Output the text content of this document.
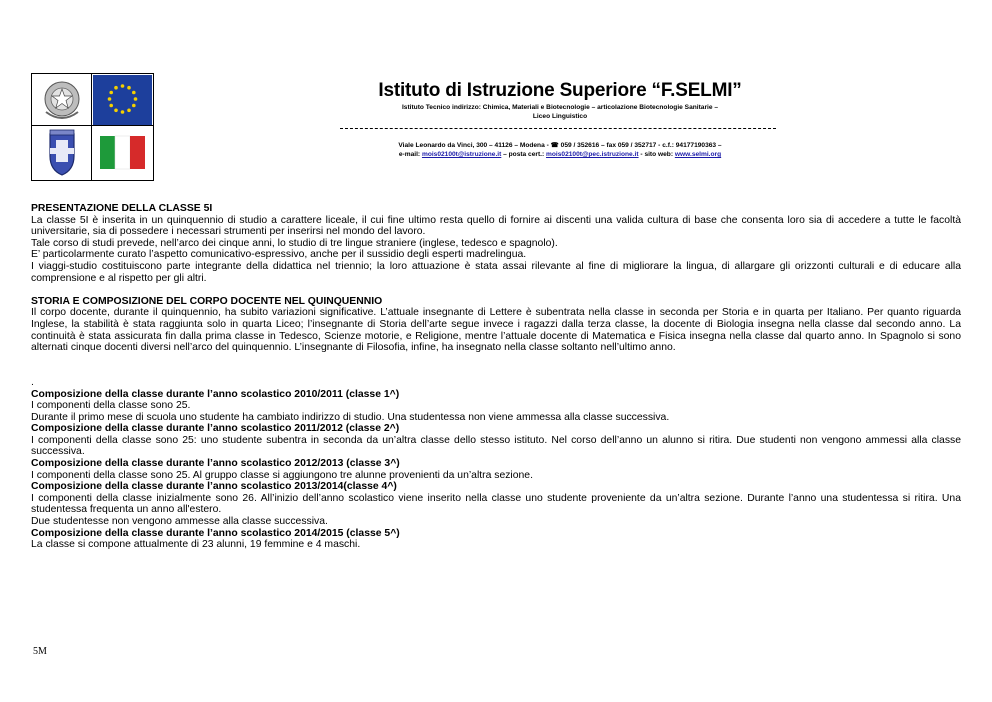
Istituto di Istruzione Superiore “F.SELMI”
Istituto Tecnico indirizzo: Chimica, Materiali e Biotecnologie – articolazione Biotecnologie Sanitarie –
Liceo Linguistico
Viale Leonardo da Vinci, 300 – 41126 – Modena - ☎ 059 / 352616 – fax 059 / 352717 - c.f.: 94177190363 –
e-mail: mois02100t@istruzione.it – posta cert.: mois02100t@pec.istruzione.it - sito web: www.selmi.org
PRESENTAZIONE DELLA CLASSE 5I

La classe 5I è inserita in un quinquennio di studio a carattere liceale, il cui fine ultimo resta quello di fornire ai discenti una valida cultura di base che consenta loro sia di accedere a tutte le facoltà universitarie, sia di possedere i necessari strumenti per inserirsi nel mondo del lavoro.

Tale corso di studi prevede, nell’arco dei cinque anni, lo studio di tre lingue straniere (inglese, tedesco e spagnolo).

E’ particolarmente curato l’aspetto comunicativo-espressivo, anche per il sussidio degli esperti madrelingua.

I viaggi-studio costituiscono parte integrante della didattica nel triennio; la loro attuazione è stata assai rilevante al fine di migliorare la lingua, di allargare gli orizzonti culturali e di educare alla comprensione e al rispetto per gli altri.

STORIA E COMPOSIZIONE DEL CORPO DOCENTE NEL QUINQUENNIO

Il corpo docente, durante il quinquennio, ha subito variazioni significative. L’attuale insegnante di Lettere è subentrata nella classe in seconda per Storia e in quarta per Italiano. Per quanto riguarda Inglese, la stabilità è stata raggiunta solo in quarta Liceo; l’insegnante di Storia dell’arte segue invece i ragazzi dalla terza classe, la docente di Biologia insegna nella classe dal secondo anno. La continuità è stata assicurata fin dalla prima classe in Tedesco, Scienze motorie, e Religione, mentre l’attuale docente di Matematica e Fisica insegna nella classe dal quarto anno. In Spagnolo si sono alternati cinque docenti diversi nell’arco del quinquennio. L’insegnante di Filosofia, infine, ha insegnato nella classe soltanto nell’ultimo anno.

.

Composizione della classe durante l’anno scolastico 2010/2011 (classe 1^)

I componenti della classe sono 25.

Durante il primo mese di scuola uno studente ha cambiato indirizzo di studio. Una studentessa non viene ammessa alla classe successiva.

Composizione della classe durante l’anno scolastico 2011/2012 (classe 2^)

I componenti della classe sono 25: uno studente subentra in seconda da un’altra classe dello stesso istituto. Nel corso dell’anno un alunno si ritira. Due studenti non vengono ammessi alla classe successiva.

Composizione della classe durante l’anno scolastico 2012/2013 (classe 3^)

I componenti della classe sono 25. Al gruppo classe si aggiungono tre alunne provenienti da un’altra sezione.

Composizione della classe durante l’anno scolastico 2013/2014(classe 4^)

I componenti della classe inizialmente sono 26. All’inizio dell’anno scolastico viene inserito nella classe uno studente proveniente da un’altra sezione. Durante l’anno una studentessa si ritira. Una studentessa frequenta un anno all'estero.

Due studentesse non vengono ammesse alla classe successiva.

Composizione della classe durante l’anno scolastico 2014/2015 (classe 5^)

La classe si compone attualmente di 23 alunni, 19 femmine e 4 maschi.

5M
